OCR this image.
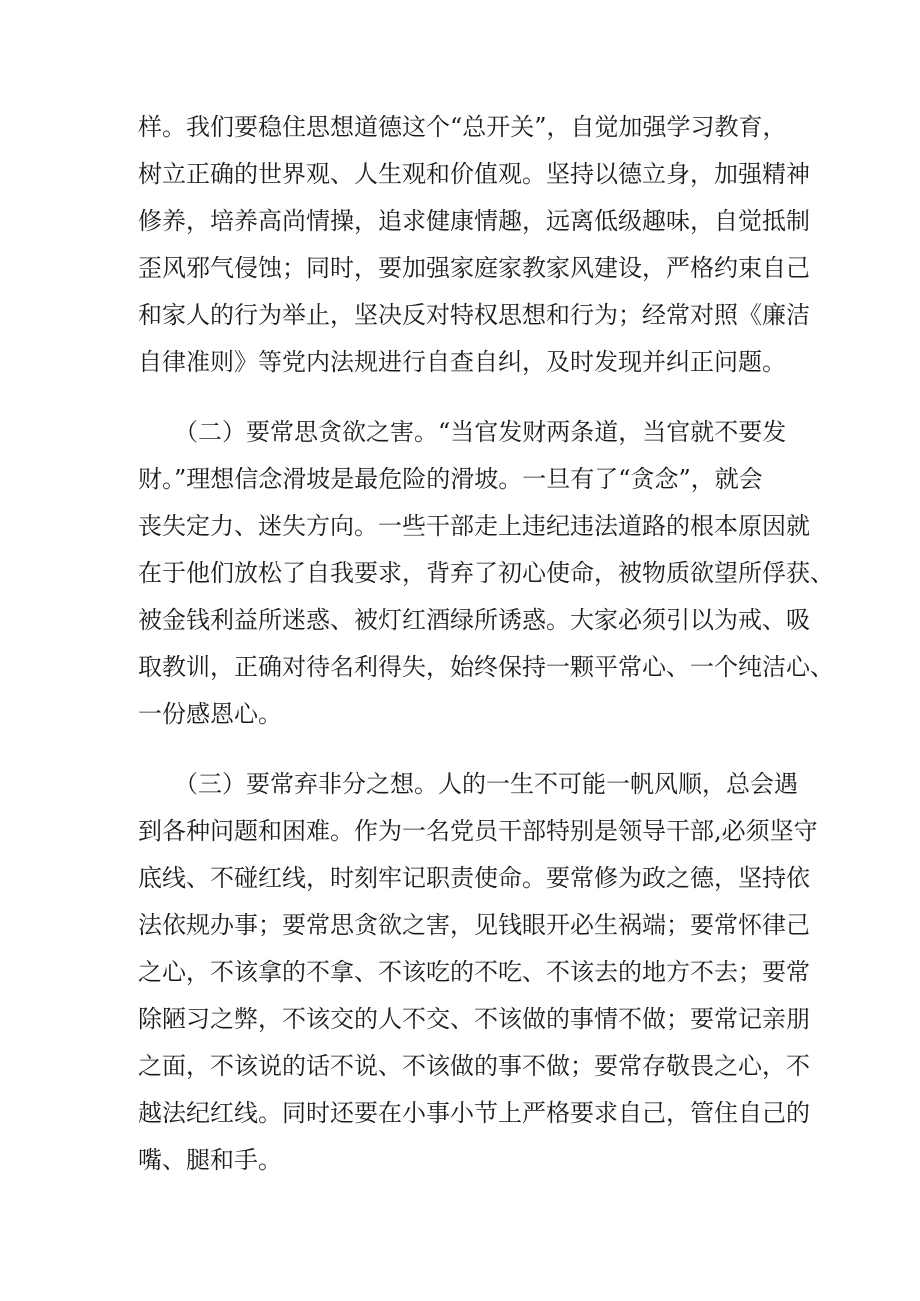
样。我们要稳住思想道德这个“总开关”，自觉加强学习教育，
树立正确的世界观、人生观和价值观。坚持以德立身，加强精神
修养，培养高尚情操，追求健康情趣，远离低级趣味，自觉抵制
歪风邪气侵蚀；同时，要加强家庭家教家风建设，严格约束自己
和家人的行为举止，坚决反对特权思想和行为；经常对照《廉洁
自律准则》等党内法规进行自查自纠，及时发现并纠正问题。
　　（二）要常思贪欲之害。“当官发财两条道，当官就不要发
财。”理想信念滑坡是最危险的滑坡。一旦有了“贪念”，就会
丧失定力、迷失方向。一些干部走上违纪违法道路的根本原因就
在于他们放松了自我要求，背弃了初心使命，被物质欲望所俘获、
被金钱利益所迷惑、被灯红酒绿所诱惑。大家必须引以为戒、吸
取教训，正确对待名利得失，始终保持一颗平常心、一个纯洁心、
一份感恩心。
　　（三）要常弃非分之想。人的一生不可能一帆风顺，总会遇
到各种问题和困难。作为一名党员干部特别是领导干部,必须坚守
底线、不碰红线，时刻牢记职责使命。要常修为政之德，坚持依
法依规办事；要常思贪欲之害，见钱眼开必生祸端；要常怀律己
之心，不该拿的不拿、不该吃的不吃、不该去的地方不去；要常
除陋习之弊，不该交的人不交、不该做的事情不做；要常记亲朋
之面，不该说的话不说、不该做的事不做；要常存敬畏之心，不
越法纪红线。同时还要在小事小节上严格要求自己，管住自己的
嘴、腿和手。
